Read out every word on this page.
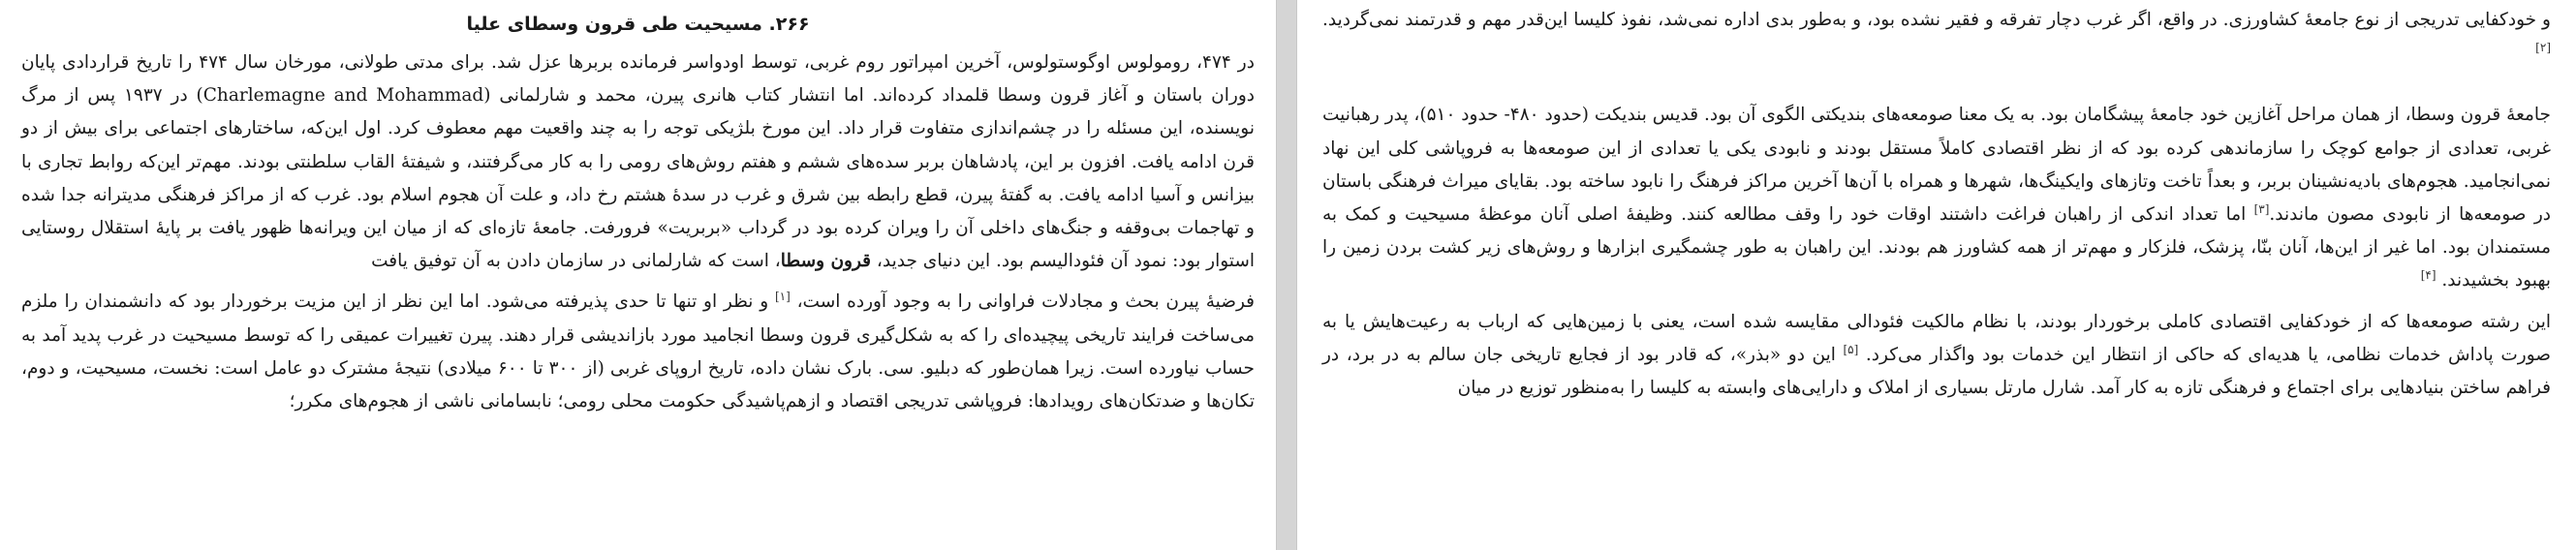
۲۶۶. مسیحیت طی قرون وسطای علیا

در ۴۷۴، رومولوس اوگوستولوس، آخرین امپراتور روم غربی، توسط اودواسر فرمانده بربرها عزل شد. برای مدتی طولانی، مورخان سال ۴۷۴ را تاریخ قراردادی پایان دوران باستان و آغاز قرون وسطا قلمداد کرده‌اند. اما انتشار کتاب هانری پیرن، محمد و شارلمانی (Charlemagne and Mohammad) در ۱۹۳۷ پس از مرگ نویسنده، این مسئله را در چشم‌اندازی متفاوت قرار داد. این مورخ بلژیکی توجه را به چند واقعیت مهم معطوف کرد. اول این‌که، ساختارهای اجتماعی برای بیش از دو قرن ادامه یافت. افزون بر این، پادشاهان بربر سده‌های ششم و هفتم روش‌های رومی را به کار می‌گرفتند، و شیفتهٔ القاب سلطنتی بودند. مهم‌تر این‌که روابط تجاری با بیزانس و آسیا ادامه یافت. به گفتهٔ پیرن، قطع رابطه بین شرق و غرب در سدهٔ هشتم رخ داد، و علت آن هجوم اسلام بود. غرب که از مراکز فرهنگی مدیترانه جدا شده و تهاجمات بی‌وقفه و جنگ‌های داخلی آن را ویران کرده بود در گرداب «بربریت» فرورفت. جامعهٔ تازه‌ای که از میان این ویرانه‌ها ظهور یافت بر پایهٔ استقلال روستایی استوار بود: نمود آن فئودالیسم بود. این دنیای جدید، قرون وسطا، است که شارلمانی در سازمان دادن به آن توفیق یافت

فرضیهٔ پیرن بحث و مجادلات فراوانی را به وجود آورده است، [۱] و نظر او تنها تا حدی پذیرفته می‌شود. اما این نظر از این مزیت برخوردار بود که دانشمندان را ملزم می‌ساخت فرایند تاریخی پیچیده‌ای را که به شکل‌گیری قرون وسطا انجامید مورد بازاندیشی قرار دهند. پیرن تغییرات عمیقی را که توسط مسیحیت در غرب پدید آمد به حساب نیاورده است. زیرا همان‌طور که دبلیو. سی. بارک نشان داده، تاریخ اروپای غربی (از ۳۰۰ تا ۶۰۰ میلادی) نتیجهٔ مشترک دو عامل است: نخست، مسیحیت، و دوم، تکان‌ها و ضدتکان‌های رویدادها: فروپاشی تدریجی اقتصاد و ازهم‌پاشیدگی حکومت محلی رومی؛ نابسامانی ناشی از هجوم‌های مکرر؛

و خودکفایی تدریجی از نوع جامعهٔ کشاورزی. در واقع، اگر غرب دچار تفرقه و فقیر نشده بود، و به‌طور بدی اداره نمی‌شد، نفوذ کلیسا این‌قدر مهم و قدرتمند نمی‌گردید. [۲]

جامعهٔ قرون وسطا، از همان مراحل آغازین خود جامعهٔ پیشگامان بود. به یک معنا صومعه‌های بندیکتی الگوی آن بود. قدیس بندیکت (حدود ۴۸۰- حدود ۵۱۰)، پدر رهبانیت غربی، تعدادی از جوامع کوچک را سازماندهی کرده بود که از نظر اقتصادی کاملاً مستقل بودند و نابودی یکی یا تعدادی از این صومعه‌ها به فروپاشی کلی این نهاد نمی‌انجامید. هجوم‌های بادیه‌نشینان بربر، و بعداً تاخت وتازهای وایکینگ‌ها، شهرها و همراه با آن‌ها آخرین مراکز فرهنگ را نابود ساخته بود. بقایای میراث فرهنگی باستان در صومعه‌ها از نابودی مصون ماندند.[۳] اما تعداد اندکی از راهبان فراغت داشتند اوقات خود را وقف مطالعه کنند. وظیفهٔ اصلی آنان موعظهٔ مسیحیت و کمک به مستمندان بود. اما غیر از این‌ها، آنان بنّا، پزشک، فلزکار و مهم‌تر از همه کشاورز هم بودند. این راهبان به طور چشمگیری ابزارها و روش‌های زیر کشت بردن زمین را بهبود بخشیدند. [۴]

این رشته صومعه‌ها که از خودکفایی اقتصادی کاملی برخوردار بودند، با نظام مالکیت فئودالی مقایسه شده است، یعنی با زمین‌هایی که ارباب به رعیت‌هایش یا به صورت پاداش خدمات نظامی، یا هدیه‌ای که حاکی از انتظار این خدمات بود واگذار می‌کرد. [۵] این دو «بذر»، که قادر بود از فجایع تاریخی جان سالم به در برد، در فراهم ساختن بنیادهایی برای اجتماع و فرهنگی تازه به کار آمد. شارل مارتل بسیاری از املاک و دارایی‌های وابسته به کلیسا را به‌منظور توزیع در میان
